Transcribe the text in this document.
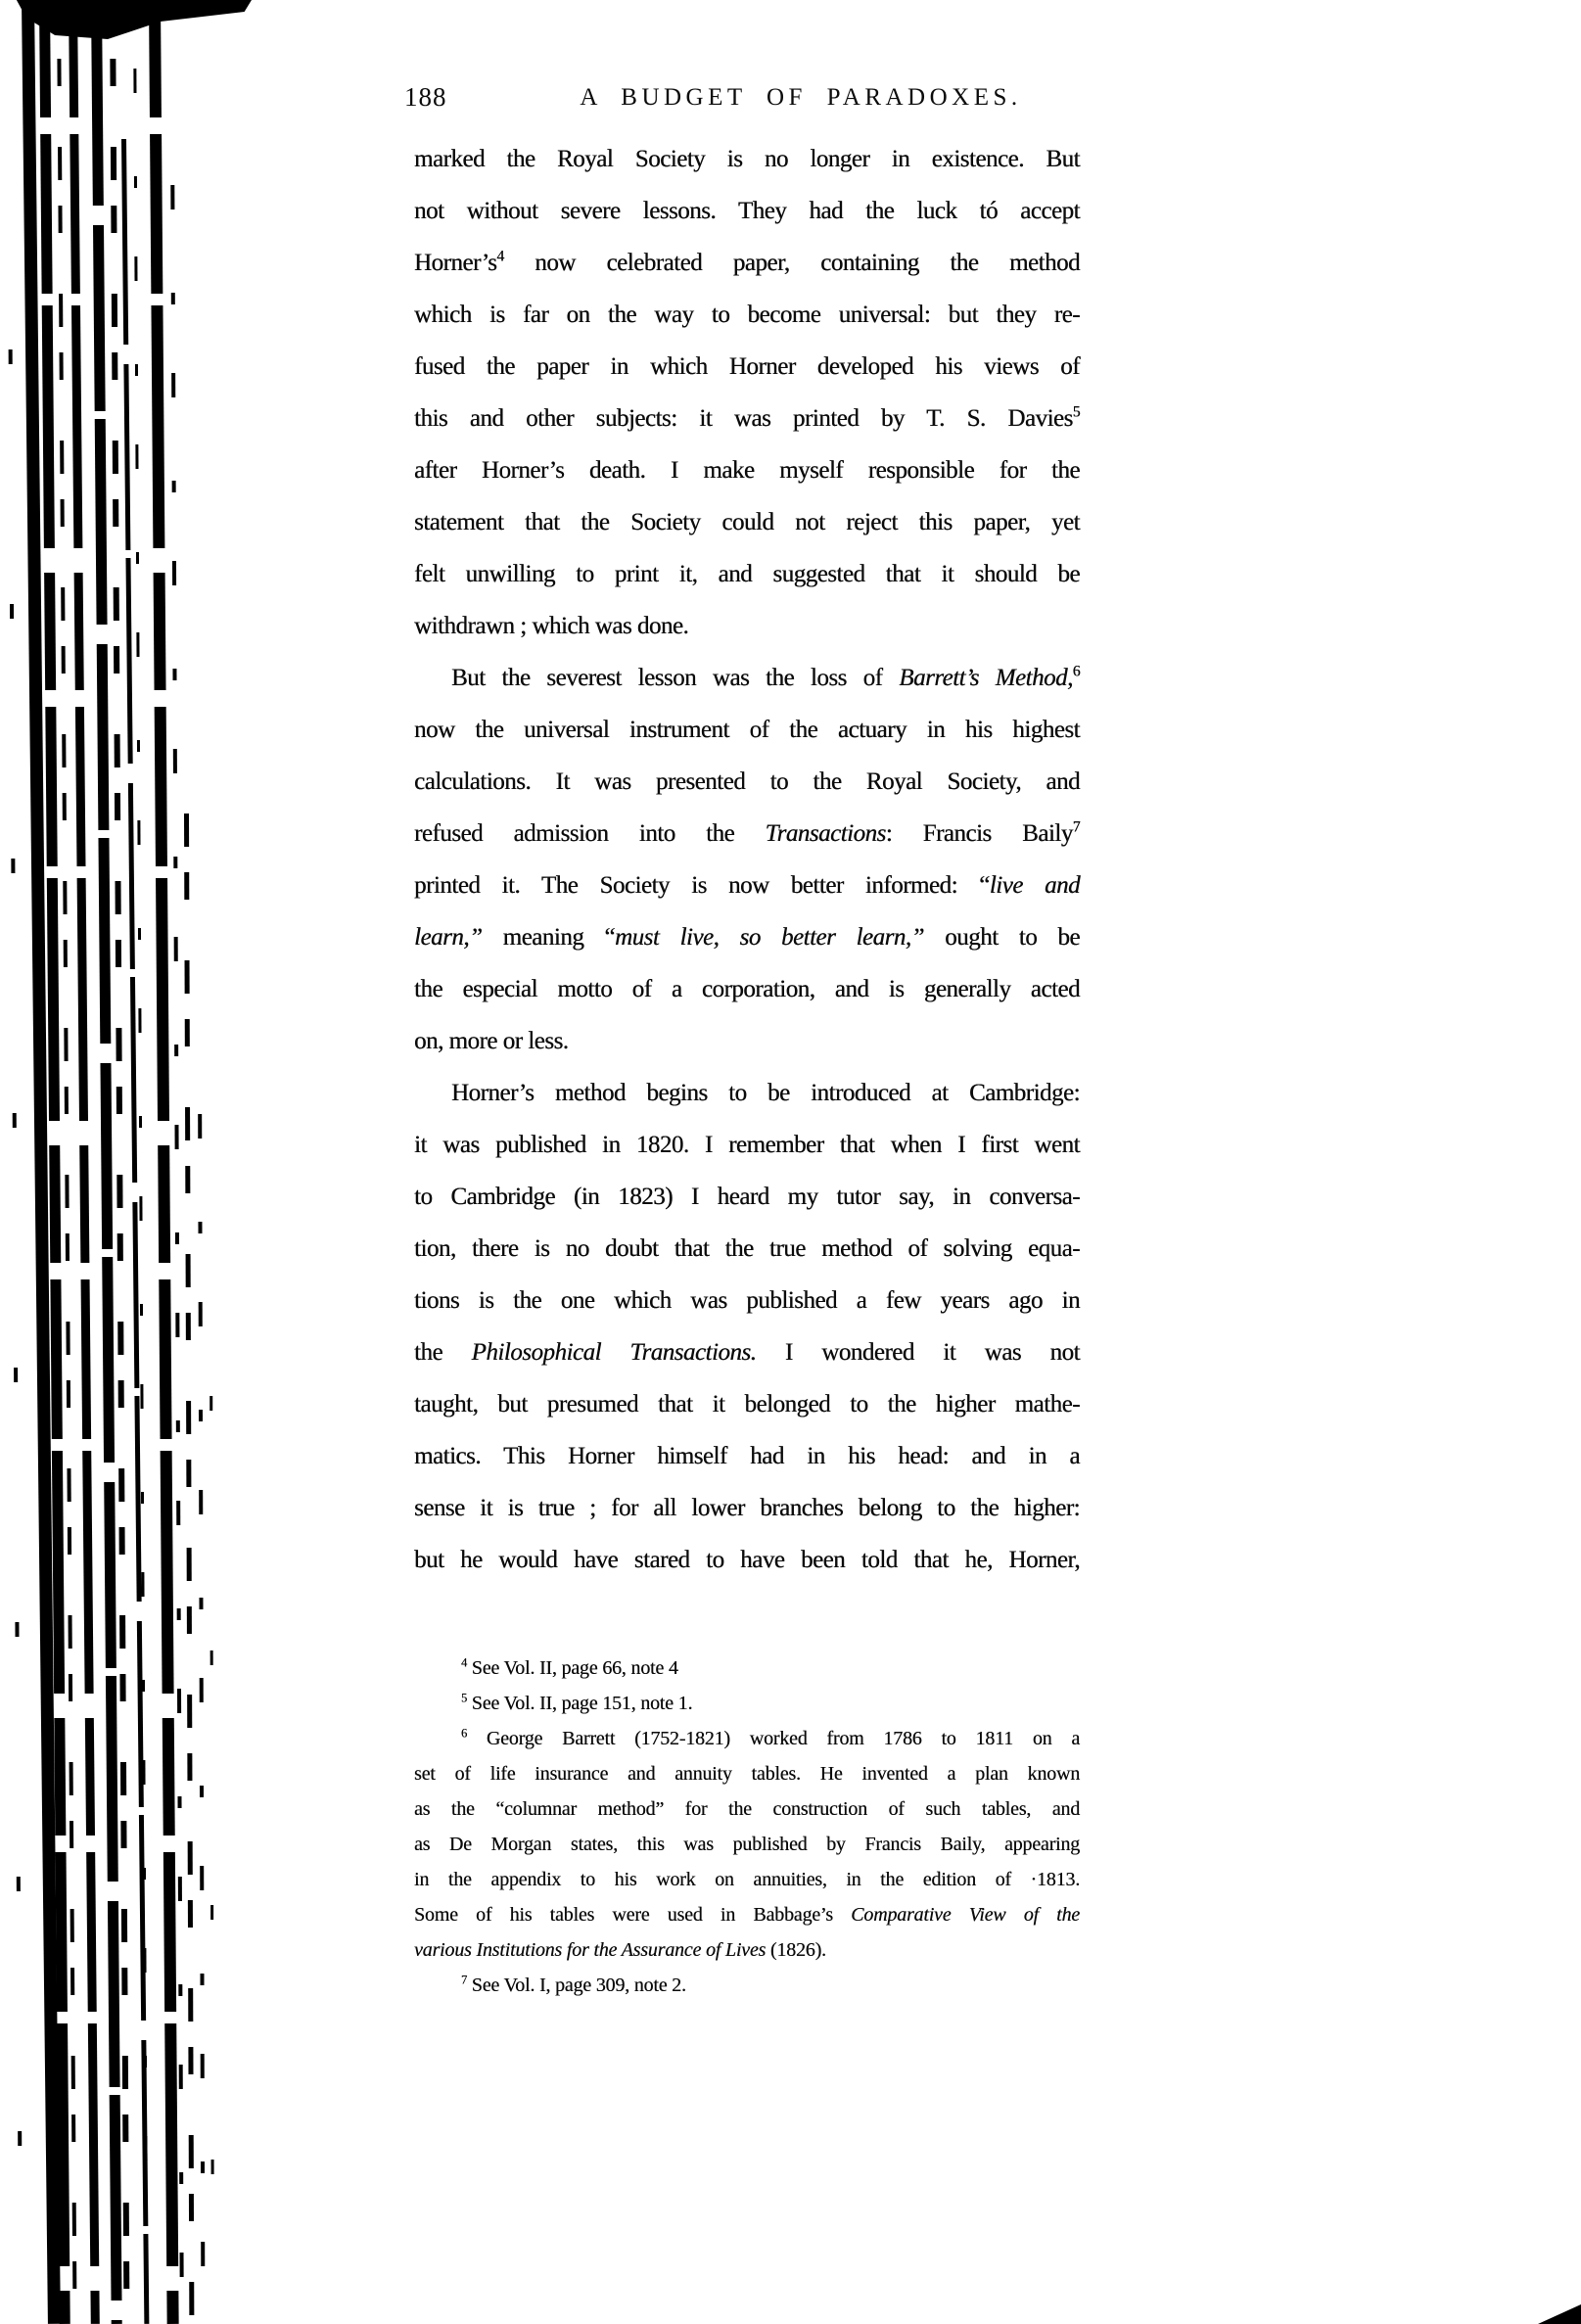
188	A BUDGET OF PARADOXES.
marked the Royal Society is no longer in existence. But
not without severe lessons. They had the luck tó accept
$Horner’s^4$ now celebrated paper, containing the method
which is far on the way to become universal: but they re-
fused the paper in which Horner developed his views of
this and other subjects: it was printed by T. S. Davies$^5$
after Horner’s death. I make myself responsible for the
statement that the Society could not reject this paper, yet
felt unwilling to print it, and suggested that it should be
withdrawn ; which was done.
But the severest lesson was the loss of Barrett’s Method,$^6$
now the universal instrument of the actuary in his highest
calculations. It was presented to the Royal Society, and
refused admission into the Transactions: Francis Baily$^7$
printed it. The Society is now better informed: “live and
learn,” meaning “must live, so better learn,” ought to be
the especial motto of a corporation, and is generally acted
on, more or less.
Horner’s method begins to be introduced at Cambridge:
it was published in 1820. I remember that when I first went
to Cambridge (in 1823) I heard my tutor say, in conversa-
tion, there is no doubt that the true method of solving equa-
tions is the one which was published a few years ago in
the Philosophical Transactions. I wondered it was not
taught, but presumed that it belonged to the higher mathe-
matics. This Horner himself had in his head: and in a
sense it is true ; for all lower branches belong to the higher:
but he would have stared to have been told that he, Horner,
$^4$ See Vol. II, page 66, note 4
$^5$ See Vol. II, page 151, note 1.
$^6$ George Barrett (1752-1821) worked from 1786 to 1811 on a
set of life insurance and annuity tables. He invented a plan known
as the “columnar method” for the construction of such tables, and
as De Morgan states, this was published by Francis Baily, appearing
in the appendix to his work on annuities, in the edition of ·1813.
Some of his tables were used in Babbage’s Comparative View of the
various Institutions for the Assurance of Lives (1826).
$^7$ See Vol. I, page 309, note 2.
